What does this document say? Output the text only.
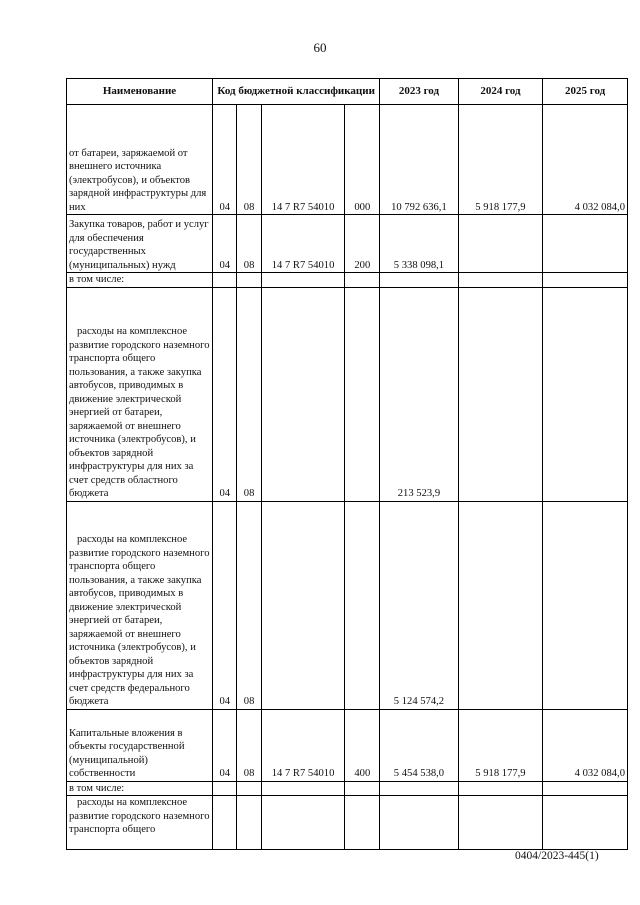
60
Наименование	Код бюджетной классификации				2023 год	2024 год	2025 год
от батареи, заряжаемой от внешнего источника (электробусов), и объектов зарядной инфраструктуры для них	04	08	14 7 R7 54010	000	10 792 636,1	5 918 177,9	4 032 084,0
Закупка товаров, работ и услуг для обеспечения государственных (муниципальных) нужд	04	08	14 7 R7 54010	200	5 338 098,1		
в том числе:							
расходы на комплексное развитие городского наземного транспорта общего пользования, а также закупка автобусов, приводимых в движение электрической энергией от батареи, заряжаемой от внешнего источника (электробусов), и объектов зарядной инфраструктуры для них за счет средств областного бюджета	04	08			213 523,9		
расходы на комплексное развитие городского наземного транспорта общего пользования, а также закупка автобусов, приводимых в движение электрической энергией от батареи, заряжаемой от внешнего источника (электробусов), и объектов зарядной инфраструктуры для них за счет средств федерального бюджета	04	08			5 124 574,2		
Капитальные вложения в объекты государственной (муниципальной) собственности	04	08	14 7 R7 54010	400	5 454 538,0	5 918 177,9	4 032 084,0
в том числе:							
расходы на комплексное развитие городского наземного транспорта общего							
0404/2023-445(1)
